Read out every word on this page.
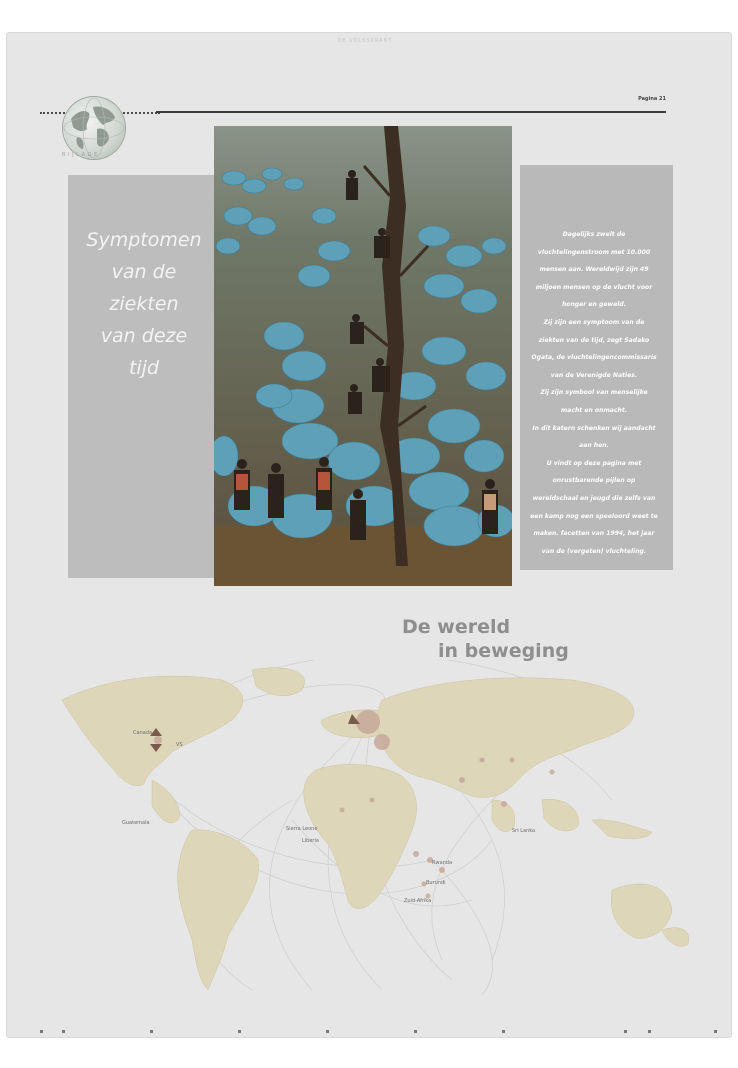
DE VOLKSKRANT
Pagina 21
BIJLAGE
Symptomen
van de
ziekten
van deze
tijd

Dagelijks zwelt de vluchtelingenstroom met 10.000 mensen aan. Wereldwijd zijn 49 miljoen mensen op de vlucht voor honger en geweld.

Zij zijn een symptoom van de ziekten van de tijd, zegt Sadako Ogata, de vluchtelingencommissaris van de Verenigde Naties.

Zij zijn symbool van menselijke macht en onmacht.

In dit katern schenken wij aandacht aan hen.

U vindt op deze pagina met onrustbarende pijlen op wereldschaal en jeugd die zelfs van een kamp nog een speeloord weet te maken. facetten van 1994, het jaar van de (vergeten) vluchteling.

De wereld
in beweging
Canada
VS
Guatemala
Sierra Leone
Liberia
Sri Lanka
Rwanda
Burundi
Zuid-Afrika
